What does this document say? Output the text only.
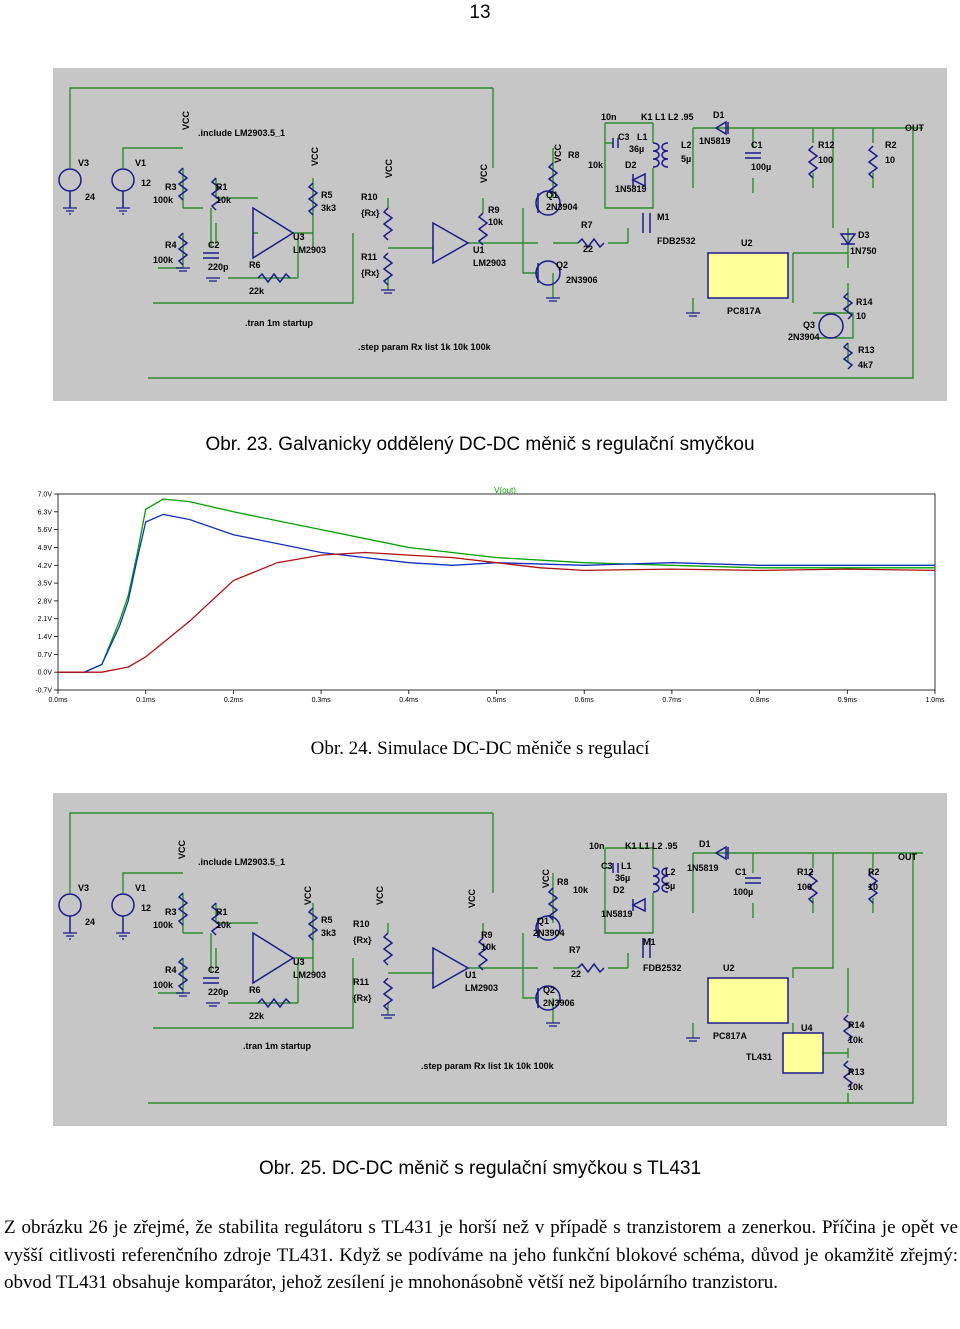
13
V3
24
V1
12
.include LM2903.5_1
R3
100k
R1
10k
R4
100k
C2
220p R6
22k
U3
LM2903
R5
3k3
R10
{Rx}
R11
{Rx}
R9
10k
U1
LM2903
R8
10k
Q1
2N3904
Q2
2N3906
R7
22
10n
C3
K1 L1 L2 .95
L1
36µ
D2
1N5819
L2
5µ
D1
1N5819 C1
100µ
M1
FDB2532	U2
PC817A
R12
100
R2
10
OUT
D3
1N750
R14
10
Q3
2N3904
R13
4k7
.tran 1m startup
.step param Rx list 1k 10k 100k
VCC
VCC
VCC	VCC
VCC
Obr. 23. Galvanicky oddělený DC-DC měnič s regulační smyčkou
V(out)
-0.7V
0.0V
0.7V
1.4V
2.1V
2.8V
3.5V
4.2V
4.9V
5.6V
6.3V
7.0V
0.0ms	0.1ms	0.2ms	0.3ms	0.4ms	0.5ms	0.6ms	0.7ms	0.8ms	0.9ms	1.0ms
Obr. 24. Simulace DC-DC měniče s regulací
V3
24
V1
12
.include LM2903.5_1
R3
100k
R1
10k
R4
100k
C2
220p R6
22k
U3
LM2903
R5
3k3
R10
{Rx}
R11
{Rx}
R9
10k
U1
LM2903
R8
10k
Q1
2N3904
Q2
2N3906
R7
22
10n
C3
K1 L1 L2 .95
L1
36µ
D2
1N5819
L2
5µ
D1
1N5819 C1
100µ
M1
FDB2532	U2
PC817A
R12
100
R2
10
OUT
R14
10k
R13
10k
U4
TL431
.tran 1m startup
.step param Rx list 1k 10k 100k
VCC
VCC	VCC	VCC
VCC
Obr. 25. DC-DC měnič s regulační smyčkou s TL431

Z obrázku 26 je zřejmé, že stabilita regulátoru s TL431 je horší než v případě s tranzistorem a zenerkou. Příčina je opět ve vyšší citlivosti referenčního zdroje TL431. Když se podíváme na jeho funkční blokové schéma, důvod je okamžitě zřejmý: obvod TL431 obsahuje komparátor, jehož zesílení je mnohonásobně větší než bipolárního tranzistoru.
